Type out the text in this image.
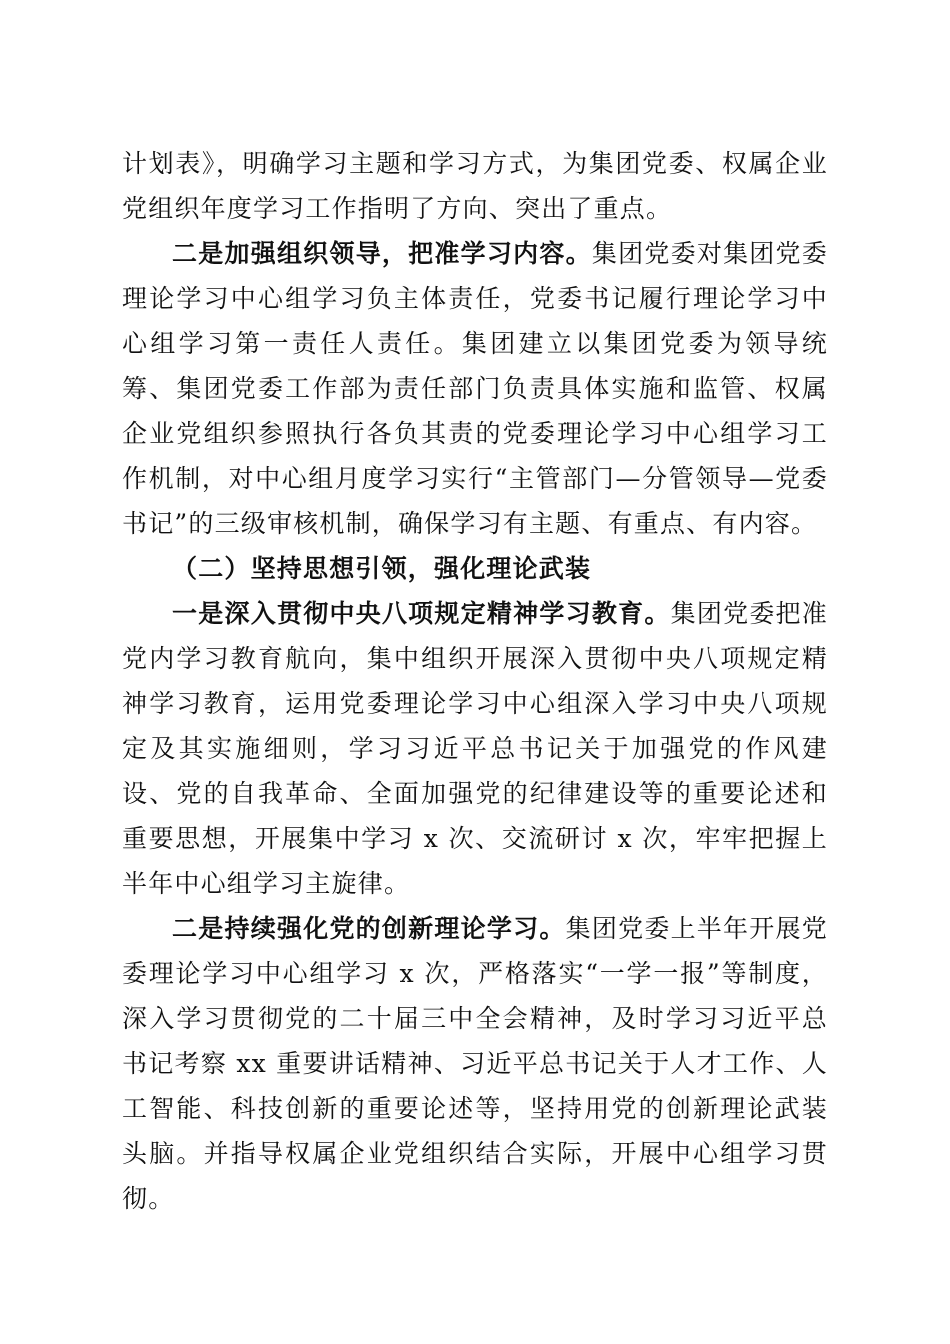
计划表》，明确学习主题和学习方式，为集团党委、权属企业党组织年度学习工作指明了方向、突出了重点。

二是加强组织领导，把准学习内容。集团党委对集团党委理论学习中心组学习负主体责任，党委书记履行理论学习中心组学习第一责任人责任。集团建立以集团党委为领导统筹、集团党委工作部为责任部门负责具体实施和监管、权属企业党组织参照执行各负其责的党委理论学习中心组学习工作机制，对中心组月度学习实行“主管部门—分管领导—党委书记”的三级审核机制，确保学习有主题、有重点、有内容。

（二）坚持思想引领，强化理论武装

一是深入贯彻中央八项规定精神学习教育。集团党委把准党内学习教育航向，集中组织开展深入贯彻中央八项规定精神学习教育，运用党委理论学习中心组深入学习中央八项规定及其实施细则，学习习近平总书记关于加强党的作风建设、党的自我革命、全面加强党的纪律建设等的重要论述和重要思想，开展集中学习 x 次、交流研讨 x 次，牢牢把握上半年中心组学习主旋律。

二是持续强化党的创新理论学习。集团党委上半年开展党委理论学习中心组学习 x 次，严格落实“一学一报”等制度，深入学习贯彻党的二十届三中全会精神，及时学习习近平总书记考察 xx 重要讲话精神、习近平总书记关于人才工作、人工智能、科技创新的重要论述等，坚持用党的创新理论武装头脑。并指导权属企业党组织结合实际，开展中心组学习贯彻。
